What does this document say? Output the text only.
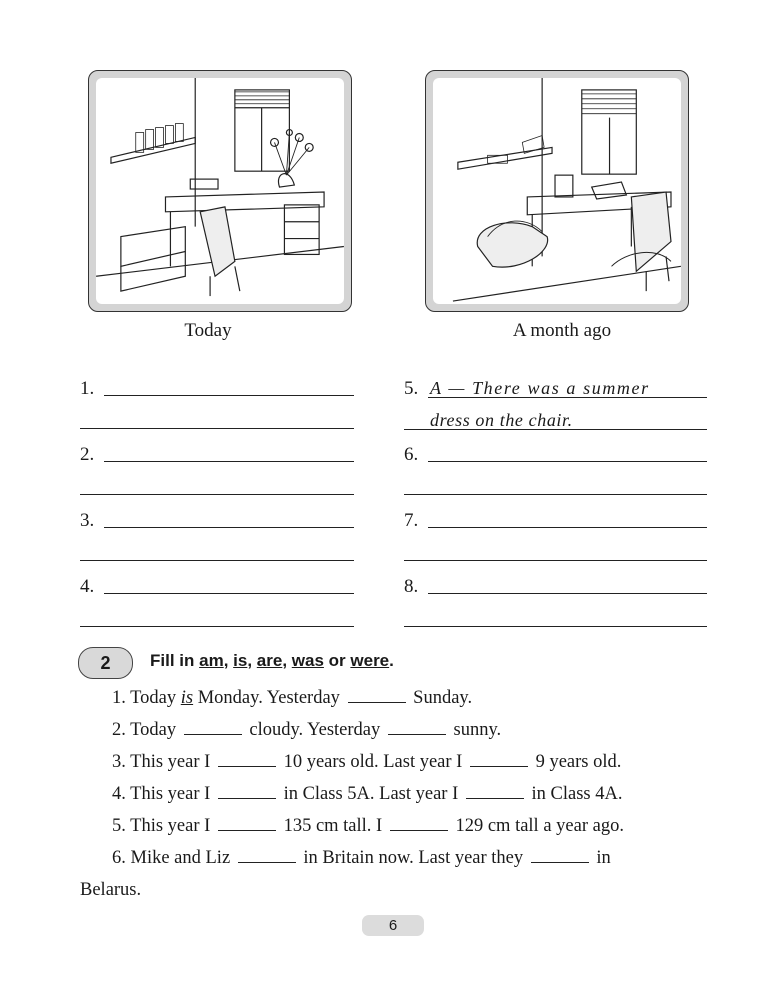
Today	A month ago
1.
2.
3.
4.
5. A — There was a summer
dress on the chair.
6.
7.
8.
2	Fill in am, is, are, was or were.
1. Today is Monday. Yesterday	Sunday.
2. Today	cloudy. Yesterday	sunny.
3. This year I	10 years old. Last year I	9 years old.
4. This year I	in Class 5A. Last year I	in Class 4A.
5. This year I	135 cm tall. I	129 cm tall a year ago.
6. Mike and Liz	in Britain now. Last year they	in
Belarus.
6
